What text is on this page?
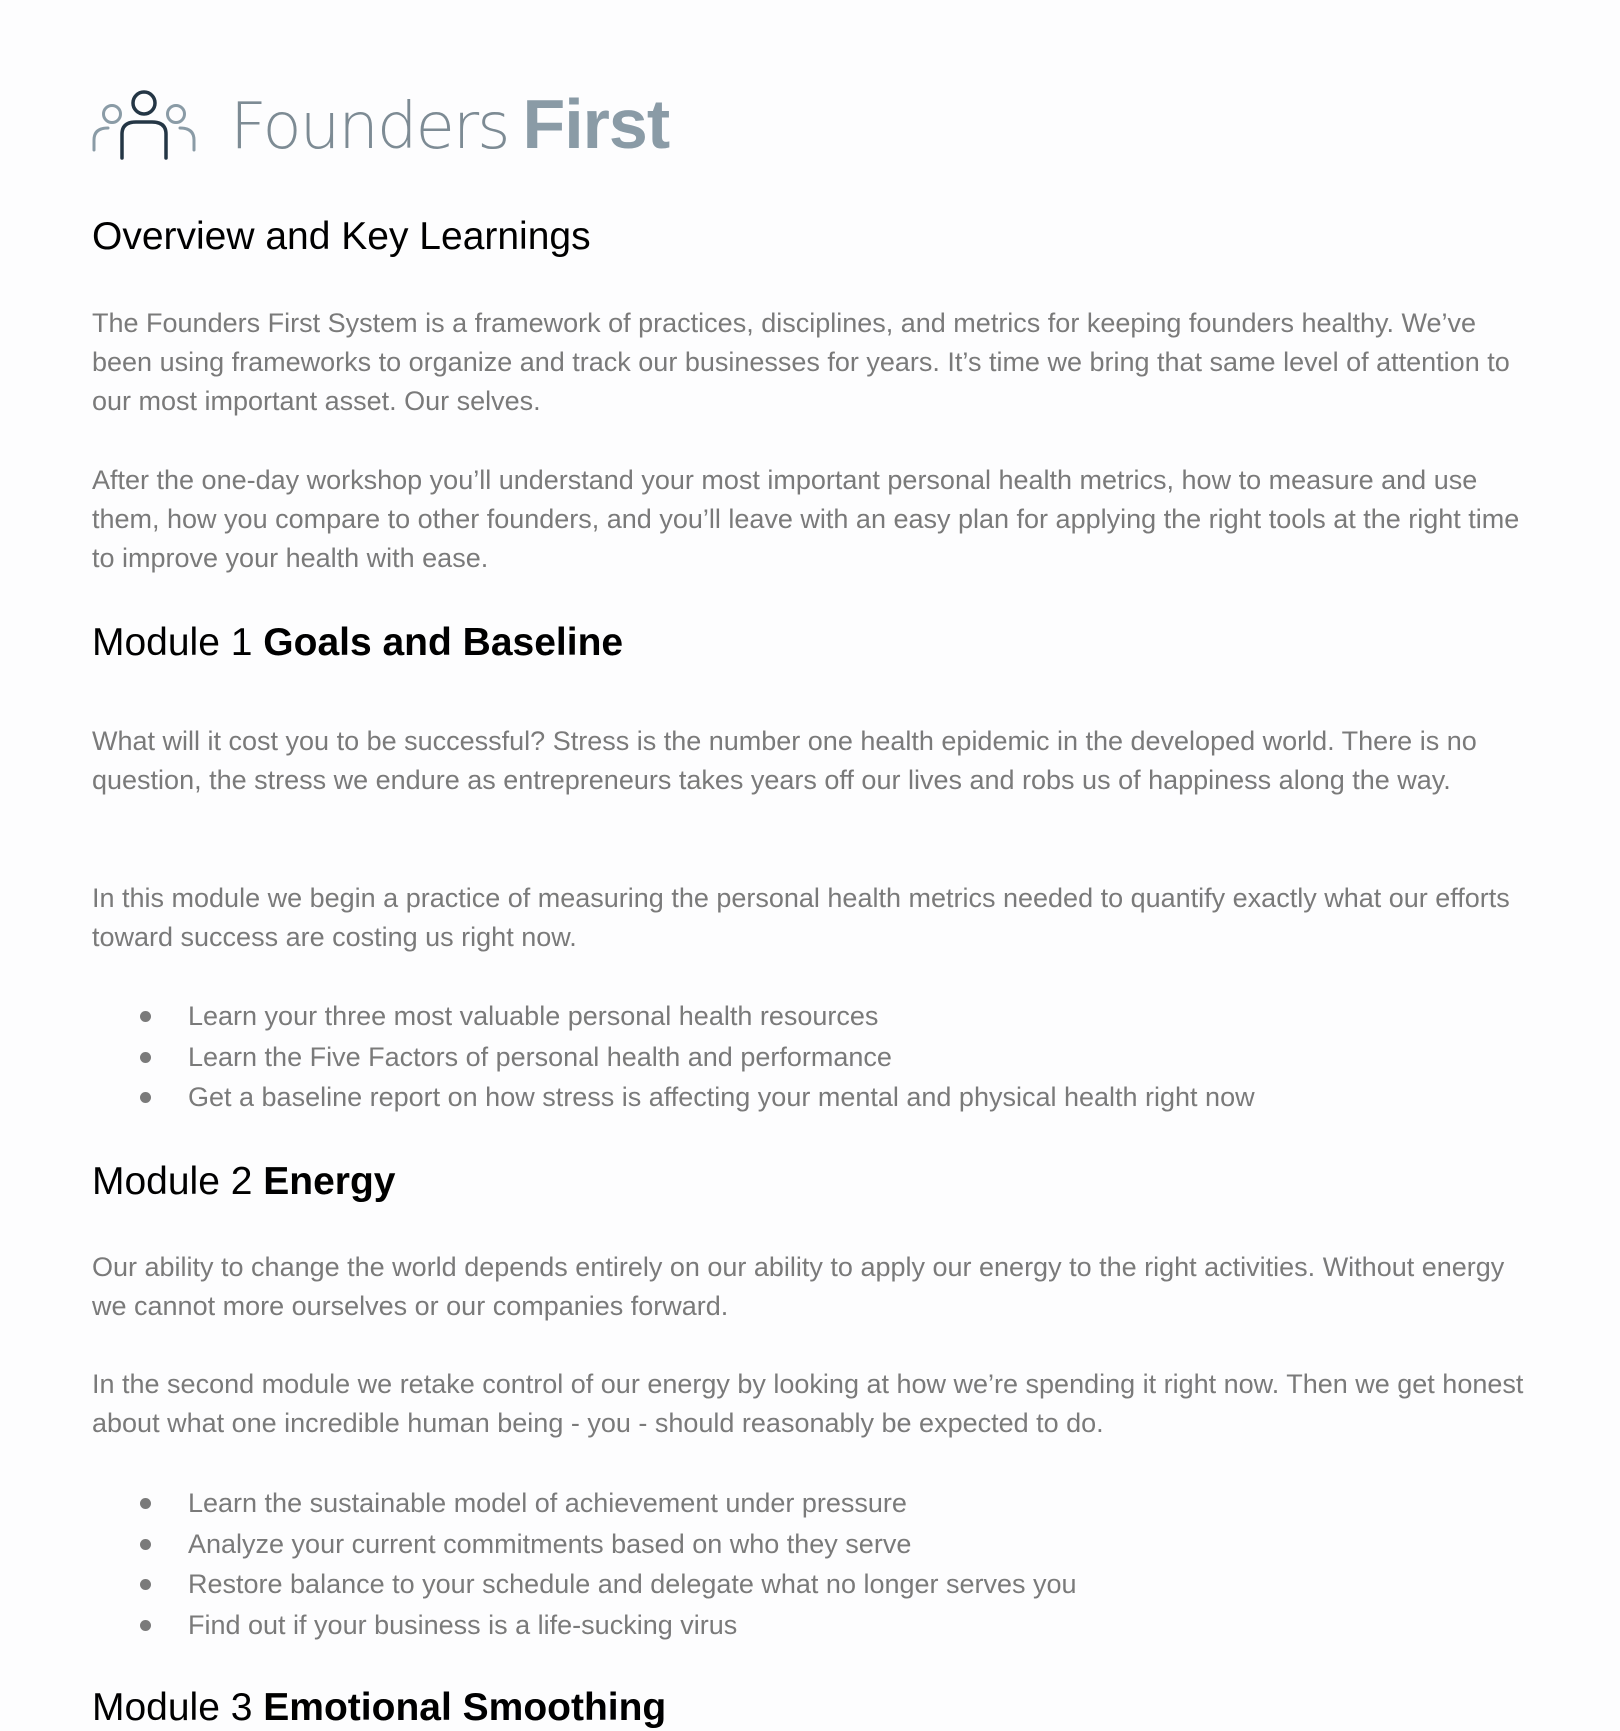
Founders First
Overview and Key Learnings

The Founders First System is a framework of practices, disciplines, and metrics for keeping founders healthy. We’ve been using frameworks to organize and track our businesses for years. It’s time we bring that same level of attention to our most important asset. Our selves.

After the one-day workshop you’ll understand your most important personal health metrics, how to measure and use them, how you compare to other founders, and you’ll leave with an easy plan for applying the right tools at the right time to improve your health with ease.

Module 1 Goals and Baseline

What will it cost you to be successful? Stress is the number one health epidemic in the developed world. There is no question, the stress we endure as entrepreneurs takes years off our lives and robs us of happiness along the way.

In this module we begin a practice of measuring the personal health metrics needed to quantify exactly what our efforts toward success are costing us right now.

Learn your three most valuable personal health resources
Learn the Five Factors of personal health and performance
Get a baseline report on how stress is affecting your mental and physical health right now
Module 2 Energy

Our ability to change the world depends entirely on our ability to apply our energy to the right activities. Without energy we cannot more ourselves or our companies forward.

In the second module we retake control of our energy by looking at how we’re spending it right now. Then we get honest about what one incredible human being - you - should reasonably be expected to do.

Learn the sustainable model of achievement under pressure
Analyze your current commitments based on who they serve
Restore balance to your schedule and delegate what no longer serves you
Find out if your business is a life-sucking virus
Module 3 Emotional Smoothing
